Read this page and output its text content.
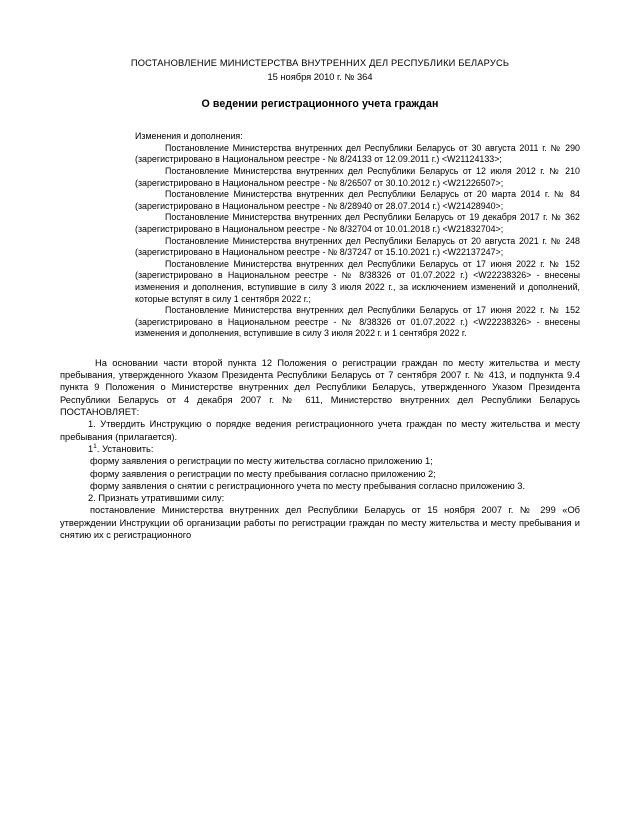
ПОСТАНОВЛЕНИЕ МИНИСТЕРСТВА ВНУТРЕННИХ ДЕЛ РЕСПУБЛИКИ БЕЛАРУСЬ
15 ноября 2010 г. № 364
О ведении регистрационного учета граждан
Изменения и дополнения:

Постановление Министерства внутренних дел Республики Беларусь от 30 августа 2011 г. № 290 (зарегистрировано в Национальном реестре - № 8/24133 от 12.09.2011 г.) <W21124133>;

Постановление Министерства внутренних дел Республики Беларусь от 12 июля 2012 г. № 210 (зарегистрировано в Национальном реестре - № 8/26507 от 30.10.2012 г.) <W21226507>;

Постановление Министерства внутренних дел Республики Беларусь от 20 марта 2014 г. № 84 (зарегистрировано в Национальном реестре - № 8/28940 от 28.07.2014 г.) <W21428940>;

Постановление Министерства внутренних дел Республики Беларусь от 19 декабря 2017 г. № 362 (зарегистрировано в Национальном реестре - № 8/32704 от 10.01.2018 г.) <W21832704>;

Постановление Министерства внутренних дел Республики Беларусь от 20 августа 2021 г. № 248 (зарегистрировано в Национальном реестре - № 8/37247 от 15.10.2021 г.) <W22137247>;

Постановление Министерства внутренних дел Республики Беларусь от 17 июня 2022 г. № 152 (зарегистрировано в Национальном реестре - № 8/38326 от 01.07.2022 г.) <W22238326> - внесены изменения и дополнения, вступившие в силу 3 июля 2022 г., за исключением изменений и дополнений, которые вступят в силу 1 сентября 2022 г.;

Постановление Министерства внутренних дел Республики Беларусь от 17 июня 2022 г. № 152 (зарегистрировано в Национальном реестре - № 8/38326 от 01.07.2022 г.) <W22238326> - внесены изменения и дополнения, вступившие в силу 3 июля 2022 г. и 1 сентября 2022 г.

На основании части второй пункта 12 Положения о регистрации граждан по месту жительства и месту пребывания, утвержденного Указом Президента Республики Беларусь от 7 сентября 2007 г. № 413, и подпункта 9.4 пункта 9 Положения о Министерстве внутренних дел Республики Беларусь, утвержденного Указом Президента Республики Беларусь от 4 декабря 2007 г. № 611, Министерство внутренних дел Республики Беларусь ПОСТАНОВЛЯЕТ:

1. Утвердить Инструкцию о порядке ведения регистрационного учета граждан по месту жительства и месту пребывания (прилагается).

$1^1$. Установить:

форму заявления о регистрации по месту жительства согласно приложению 1;

форму заявления о регистрации по месту пребывания согласно приложению 2;

форму заявления о снятии с регистрационного учета по месту пребывания согласно приложению 3.

2. Признать утратившими силу:

постановление Министерства внутренних дел Республики Беларусь от 15 ноября 2007 г. № 299 «Об утверждении Инструкции об организации работы по регистрации граждан по месту жительства и месту пребывания и снятию их с регистрационного
